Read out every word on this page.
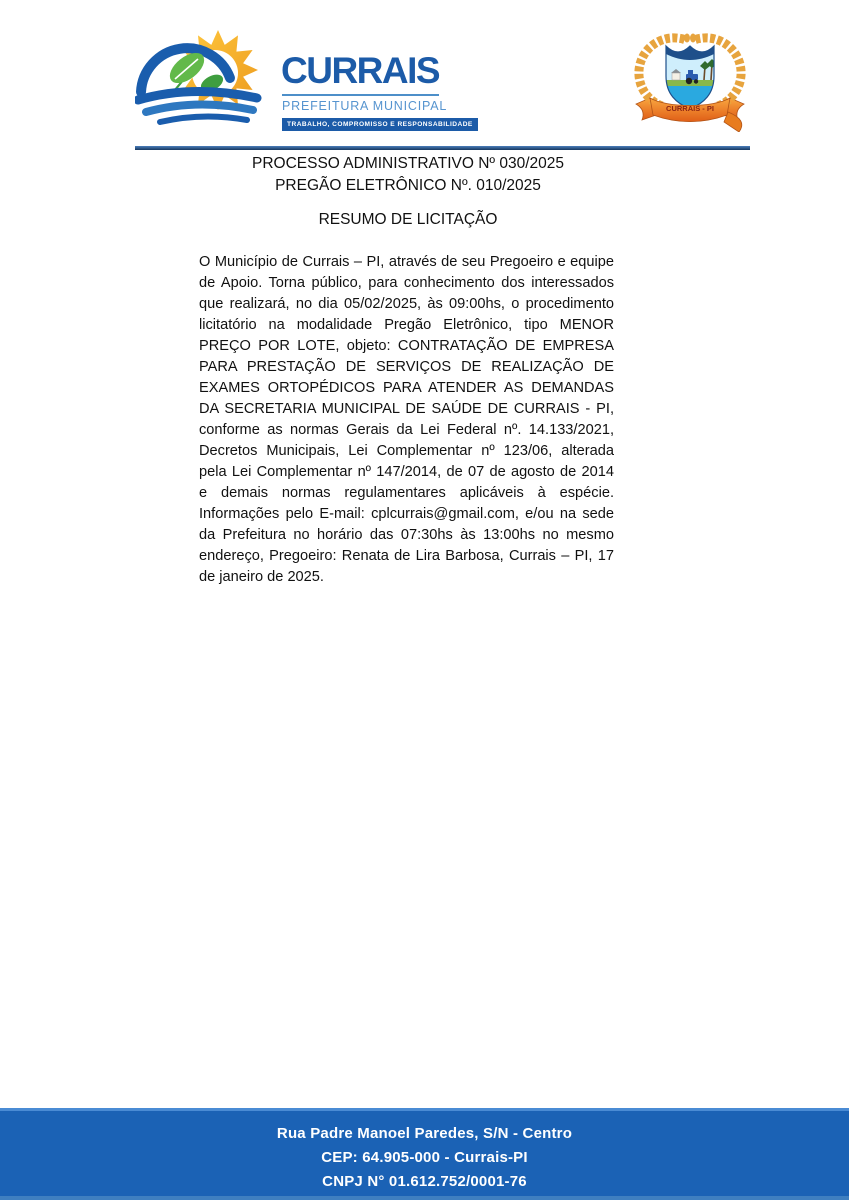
CURRAIS
PREFEITURA MUNICIPAL
TRABALHO, COMPROMISSO E RESPONSABILIDADE
CURRAIS - PI
PROCESSO ADMINISTRATIVO Nº 030/2025
PREGÃO ELETRÔNICO Nº. 010/2025
RESUMO DE LICITAÇÃO

O Município de Currais – PI, através de seu Pregoeiro e equipe de Apoio. Torna público, para conhecimento dos interessados que realizará, no dia 05/02/2025, às 09:00hs, o procedimento licitatório na modalidade Pregão Eletrônico, tipo MENOR PREÇO POR LOTE, objeto: CONTRATAÇÃO DE EMPRESA PARA PRESTAÇÃO DE SERVIÇOS DE REALIZAÇÃO DE EXAMES ORTOPÉDICOS PARA ATENDER AS DEMANDAS DA SECRETARIA MUNICIPAL DE SAÚDE DE CURRAIS - PI, conforme as normas Gerais da Lei Federal nº. 14.133/2021, Decretos Municipais, Lei Complementar nº 123/06, alterada pela Lei Complementar nº 147/2014, de 07 de agosto de 2014 e demais normas regulamentares aplicáveis à espécie. Informações pelo E-mail: cplcurrais@gmail.com, e/ou na sede da Prefeitura no horário das 07:30hs às 13:00hs no mesmo endereço, Pregoeiro: Renata de Lira Barbosa, Currais – PI, 17 de janeiro de 2025.

Rua Padre Manoel Paredes, S/N - Centro
CEP: 64.905-000 - Currais-PI
CNPJ N° 01.612.752/0001-76
